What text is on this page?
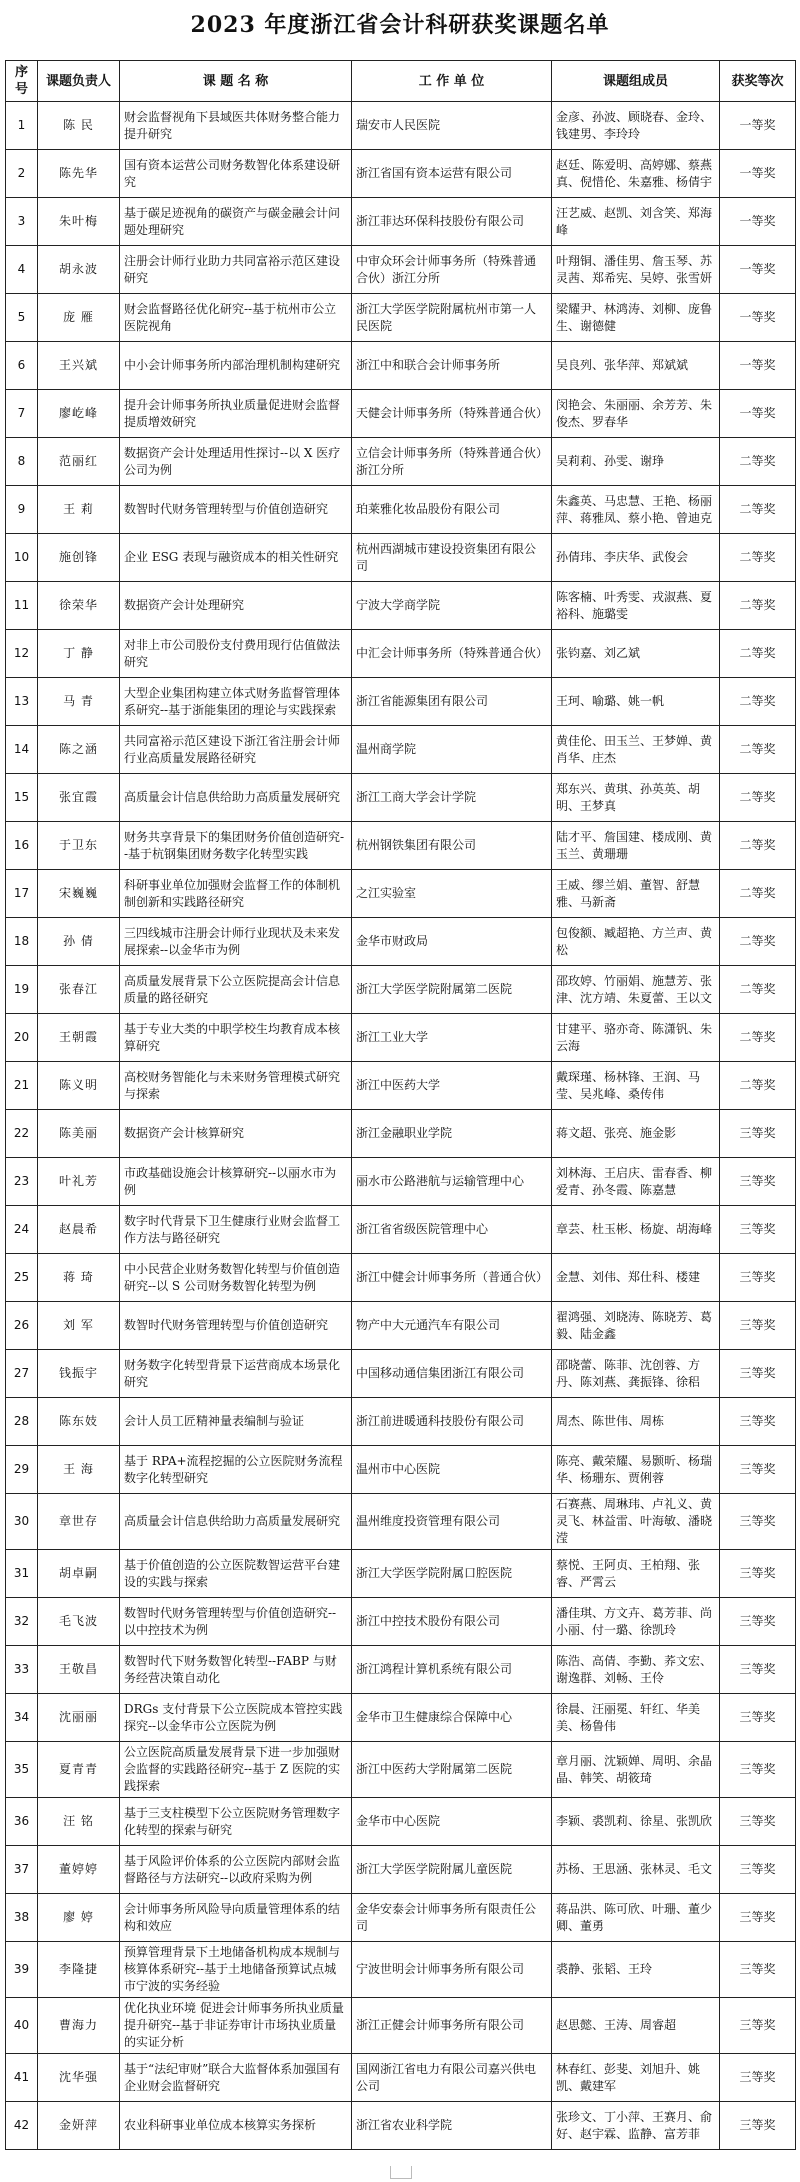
2023 年度浙江省会计科研获奖课题名单
序号	课题负责人	课 题 名 称	工 作 单 位	课题组成员	获奖等次
1	陈 民	财会监督视角下县域医共体财务整合能力提升研究	瑞安市人民医院	金彦、孙波、顾晓春、金玲、钱建男、李玲玲	一等奖
2	陈先华	国有资本运营公司财务数智化体系建设研究	浙江省国有资本运营有限公司	赵廷、陈爱明、高婷娜、蔡燕真、倪惜伦、朱嘉雅、杨倩宇	一等奖
3	朱叶梅	基于碳足迹视角的碳资产与碳金融会计问题处理研究	浙江菲达环保科技股份有限公司	汪艺威、赵凯、刘含笑、郑海峰	一等奖
4	胡永波	注册会计师行业助力共同富裕示范区建设研究	中审众环会计师事务所（特殊普通合伙）浙江分所	叶翔铜、潘佳男、詹玉琴、苏灵茜、郑希宪、吴婷、张雪妍	一等奖
5	庞 雁	财会监督路径优化研究--基于杭州市公立医院视角	浙江大学医学院附属杭州市第一人民医院	梁耀尹、林鸿涛、刘柳、庞鲁生、谢德健	一等奖
6	王兴斌	中小会计师事务所内部治理机制构建研究	浙江中和联合会计师事务所	吴良列、张华萍、郑斌斌	一等奖
7	廖屹峰	提升会计师事务所执业质量促进财会监督提质增效研究	天健会计师事务所（特殊普通合伙）	闵艳会、朱丽丽、余芳芳、朱俊杰、罗春华	一等奖
8	范丽红	数据资产会计处理适用性探讨--以 X 医疗公司为例	立信会计师事务所（特殊普通合伙）浙江分所	吴莉莉、孙雯、谢琤	二等奖
9	王 莉	数智时代财务管理转型与价值创造研究	珀莱雅化妆品股份有限公司	朱鑫英、马忠慧、王艳、杨丽萍、蒋雅凤、蔡小艳、曾迪克	二等奖
10	施创锋	企业 ESG 表现与融资成本的相关性研究	杭州西湖城市建设投资集团有限公司	孙倩玮、李庆华、武俊会	二等奖
11	徐荣华	数据资产会计处理研究	宁波大学商学院	陈客楠、叶秀雯、戎淑燕、夏裕科、施璐雯	二等奖
12	丁 静	对非上市公司股份支付费用现行估值做法研究	中汇会计师事务所（特殊普通合伙）	张钧嘉、刘乙斌	二等奖
13	马 青	大型企业集团构建立体式财务监督管理体系研究--基于浙能集团的理论与实践探索	浙江省能源集团有限公司	王珂、喻璐、姚一帆	二等奖
14	陈之涵	共同富裕示范区建设下浙江省注册会计师行业高质量发展路径研究	温州商学院	黄佳伦、田玉兰、王梦婵、黄肖华、庄杰	二等奖
15	张宜霞	高质量会计信息供给助力高质量发展研究	浙江工商大学会计学院	郑东兴、黄琪、孙英英、胡明、王梦真	二等奖
16	于卫东	财务共享背景下的集团财务价值创造研究--基于杭钢集团财务数字化转型实践	杭州钢铁集团有限公司	陆才平、詹国建、楼成刚、黄玉兰、黄珊珊	二等奖
17	宋巍巍	科研事业单位加强财会监督工作的体制机制创新和实践路径研究	之江实验室	王威、缪兰娟、董智、舒慧雅、马新斋	二等奖
18	孙 倩	三四线城市注册会计师行业现状及未来发展探索--以金华市为例	金华市财政局	包俊额、臧超艳、方兰声、黄松	二等奖
19	张春江	高质量发展背景下公立医院提高会计信息质量的路径研究	浙江大学医学院附属第二医院	邵玫婷、竹丽娟、施慧芳、张津、沈方靖、朱夏蕾、王以文	二等奖
20	王朝霞	基于专业大类的中职学校生均教育成本核算研究	浙江工业大学	甘建平、骆亦奇、陈潇钒、朱云海	二等奖
21	陈义明	高校财务智能化与未来财务管理模式研究与探索	浙江中医药大学	戴琛瑾、杨林锋、王润、马莹、吴兆峰、桑传伟	二等奖
22	陈美丽	数据资产会计核算研究	浙江金融职业学院	蒋文超、张亮、施金影	三等奖
23	叶礼芳	市政基础设施会计核算研究--以丽水市为例	丽水市公路港航与运输管理中心	刘林海、王启庆、雷春香、柳爱青、孙冬霞、陈嘉慧	三等奖
24	赵晨希	数字时代背景下卫生健康行业财会监督工作方法与路径研究	浙江省省级医院管理中心	章芸、杜玉彬、杨旋、胡海峰	三等奖
25	蒋 琦	中小民营企业财务数智化转型与价值创造研究--以 S 公司财务数智化转型为例	浙江中健会计师事务所（普通合伙）	金慧、刘伟、郑仕科、楼建	三等奖
26	刘 军	数智时代财务管理转型与价值创造研究	物产中大元通汽车有限公司	翟鸿强、刘晓涛、陈晓芳、葛毅、陆金鑫	三等奖
27	钱振宇	财务数字化转型背景下运营商成本场景化研究	中国移动通信集团浙江有限公司	邵晓蕾、陈菲、沈创蓉、方丹、陈刘燕、龚振锋、徐稆	三等奖
28	陈东妓	会计人员工匠精神量表编制与验证	浙江前进暖通科技股份有限公司	周杰、陈世伟、周栋	三等奖
29	王 海	基于 RPA+流程挖掘的公立医院财务流程数字化转型研究	温州市中心医院	陈亮、戴荣耀、易颢昕、杨瑞华、杨珊东、贾俐蓉	三等奖
30	章世存	高质量会计信息供给助力高质量发展研究	温州维度投资管理有限公司	石赛燕、周琳玮、卢礼义、黄灵飞、林益雷、叶海敏、潘晓滢	三等奖
31	胡卓嗣	基于价值创造的公立医院数智运营平台建设的实践与探索	浙江大学医学院附属口腔医院	蔡悦、王阿贞、王柏翔、张睿、严霄云	三等奖
32	毛飞波	数智时代财务管理转型与价值创造研究--以中控技术为例	浙江中控技术股份有限公司	潘佳琪、方文卉、葛芳菲、尚小丽、付一璐、徐凯玲	三等奖
33	王敬昌	数智时代下财务数智化转型--FABP 与财务经营决策自动化	浙江鸿程计算机系统有限公司	陈浩、高倩、李勤、荞文宏、谢逸群、刘畅、王伶	三等奖
34	沈丽丽	DRGs 支付背景下公立医院成本管控实践探究--以金华市公立医院为例	金华市卫生健康综合保障中心	徐晨、汪丽冕、轩红、华美美、杨鲁伟	三等奖
35	夏青青	公立医院高质量发展背景下进一步加强财会监督的实践路径研究--基于 Z 医院的实践探索	浙江中医药大学附属第二医院	章月丽、沈颖婵、周明、余晶晶、韩笑、胡筱琦	三等奖
36	汪 铭	基于三支柱模型下公立医院财务管理数字化转型的探索与研究	金华市中心医院	李颖、裘凯莉、徐星、张凯欣	三等奖
37	董婷婷	基于风险评价体系的公立医院内部财会监督路径与方法研究--以政府采购为例	浙江大学医学院附属儿童医院	苏杨、王思涵、张林灵、毛文	三等奖
38	廖 婷	会计师事务所风险导向质量管理体系的结构和效应	金华安泰会计师事务所有限责任公司	蒋品洪、陈可欣、叶珊、董少卿、董勇	三等奖
39	李隆捷	预算管理背景下土地储备机构成本规制与核算体系研究--基于土地储备预算试点城市宁波的实务经验	宁波世明会计师事务所有限公司	裘静、张韬、王玲	三等奖
40	曹海力	优化执业环境 促进会计师事务所执业质量提升研究--基于非证券审计市场执业质量的实证分析	浙江正健会计师事务所有限公司	赵思懿、王涛、周睿超	三等奖
41	沈华强	基于“法纪审财”联合大监督体系加强国有企业财会监督研究	国网浙江省电力有限公司嘉兴供电公司	林春红、彭斐、刘旭升、姚凯、戴建军	三等奖
42	金妍萍	农业科研事业单位成本核算实务探析	浙江省农业科学院	张珍文、丁小萍、王赛月、俞好、赵宇霖、监静、富芳菲	三等奖
